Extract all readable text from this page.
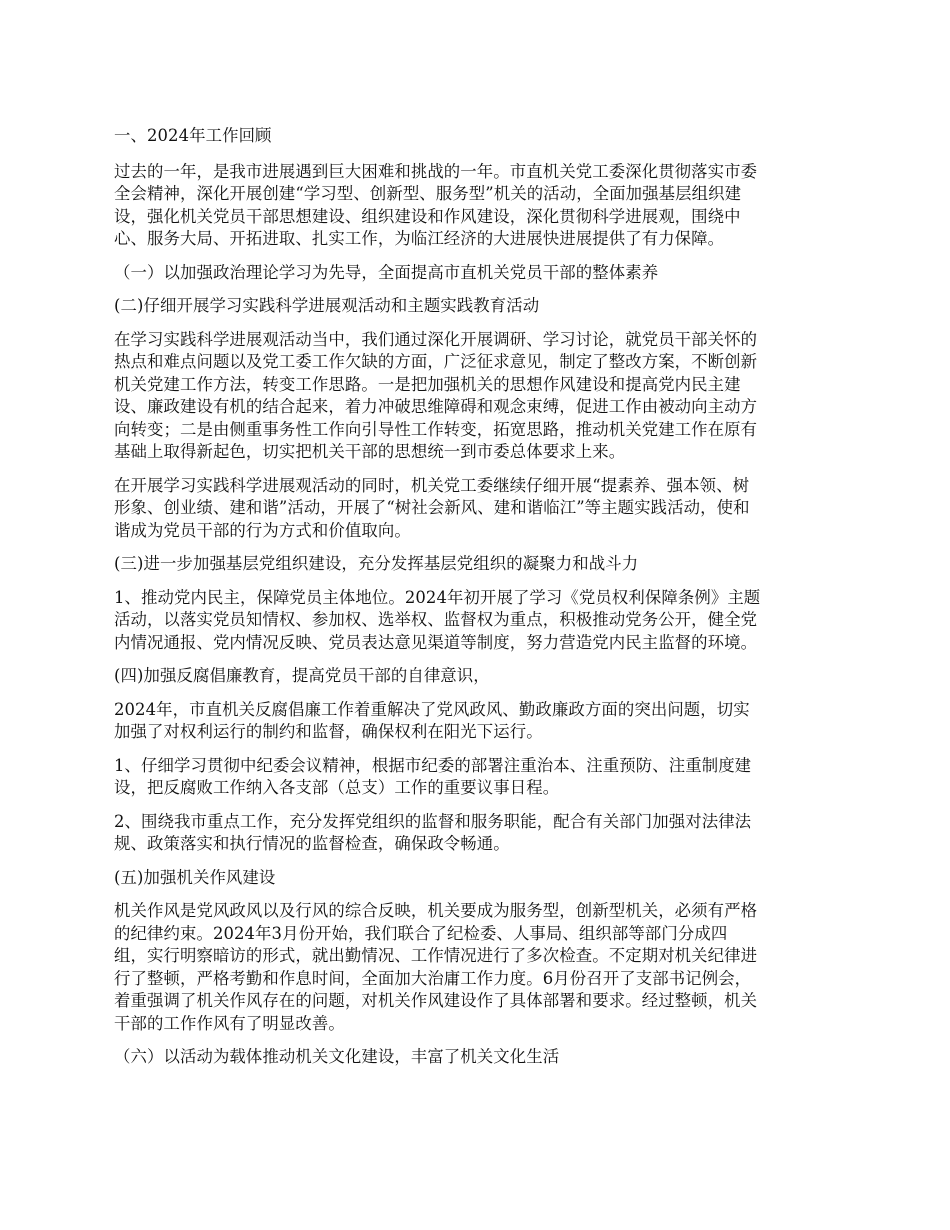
一、2024年工作回顾

过去的一年，是我市进展遇到巨大困难和挑战的一年。市直机关党工委深化贯彻落实市委
全会精神，深化开展创建“学习型、创新型、服务型”机关的活动，全面加强基层组织建
设，强化机关党员干部思想建设、组织建设和作风建设，深化贯彻科学进展观，围绕中
心、服务大局、开拓进取、扎实工作，为临江经济的大进展快进展提供了有力保障。

（一）以加强政治理论学习为先导，全面提高市直机关党员干部的整体素养

(二)仔细开展学习实践科学进展观活动和主题实践教育活动

在学习实践科学进展观活动当中，我们通过深化开展调研、学习讨论，就党员干部关怀的
热点和难点问题以及党工委工作欠缺的方面，广泛征求意见，制定了整改方案，不断创新
机关党建工作方法，转变工作思路。一是把加强机关的思想作风建设和提高党内民主建
设、廉政建设有机的结合起来，着力冲破思维障碍和观念束缚，促进工作由被动向主动方
向转变；二是由侧重事务性工作向引导性工作转变，拓宽思路，推动机关党建工作在原有
基础上取得新起色，切实把机关干部的思想统一到市委总体要求上来。

在开展学习实践科学进展观活动的同时，机关党工委继续仔细开展“提素养、强本领、树
形象、创业绩、建和谐”活动，开展了“树社会新风、建和谐临江”等主题实践活动，使和
谐成为党员干部的行为方式和价值取向。

(三)进一步加强基层党组织建设，充分发挥基层党组织的凝聚力和战斗力

1、推动党内民主，保障党员主体地位。2024年初开展了学习《党员权利保障条例》主题
活动，以落实党员知情权、参加权、选举权、监督权为重点，积极推动党务公开，健全党
内情况通报、党内情况反映、党员表达意见渠道等制度，努力营造党内民主监督的环境。

(四)加强反腐倡廉教育，提高党员干部的自律意识，

2024年，市直机关反腐倡廉工作着重解决了党风政风、勤政廉政方面的突出问题，切实
加强了对权利运行的制约和监督，确保权利在阳光下运行。

1、仔细学习贯彻中纪委会议精神，根据市纪委的部署注重治本、注重预防、注重制度建
设，把反腐败工作纳入各支部（总支）工作的重要议事日程。

2、围绕我市重点工作，充分发挥党组织的监督和服务职能，配合有关部门加强对法律法
规、政策落实和执行情况的监督检查，确保政令畅通。

(五)加强机关作风建设

机关作风是党风政风以及行风的综合反映，机关要成为服务型，创新型机关，必须有严格
的纪律约束。2024年3月份开始，我们联合了纪检委、人事局、组织部等部门分成四
组，实行明察暗访的形式，就出勤情况、工作情况进行了多次检查。不定期对机关纪律进
行了整顿，严格考勤和作息时间，全面加大治庸工作力度。6月份召开了支部书记例会，
着重强调了机关作风存在的问题，对机关作风建设作了具体部署和要求。经过整顿，机关
干部的工作作风有了明显改善。

（六）以活动为载体推动机关文化建设，丰富了机关文化生活
